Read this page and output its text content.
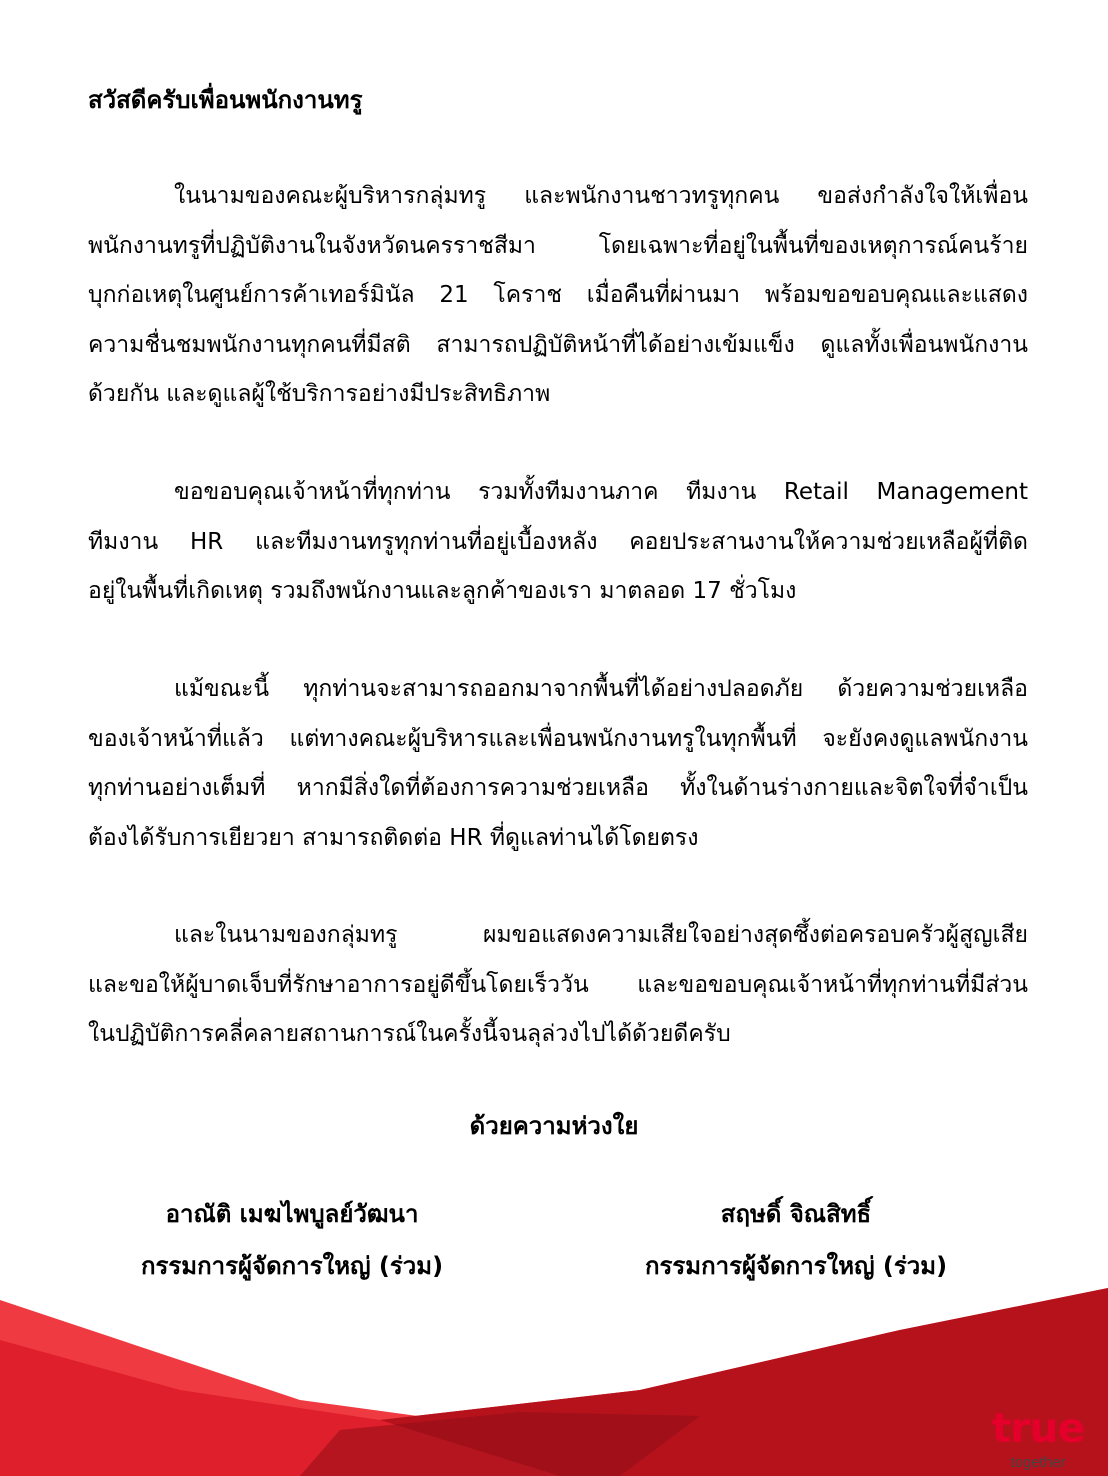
สวัสดีครับเพื่อนพนักงานทรู
ในนามของคณะผู้บริหารกลุ่มทรู และพนักงานชาวทรูทุกคน ขอส่งกำลังใจให้เพื่อน
พนักงานทรูที่ปฏิบัติงานในจังหวัดนครราชสีมา โดยเฉพาะที่อยู่ในพื้นที่ของเหตุการณ์คนร้าย
บุกก่อเหตุในศูนย์การค้าเทอร์มินัล 21 โคราช เมื่อคืนที่ผ่านมา พร้อมขอขอบคุณและแสดง
ความชื่นชมพนักงานทุกคนที่มีสติ สามารถปฏิบัติหน้าที่ได้อย่างเข้มแข็ง ดูแลทั้งเพื่อนพนักงาน
ด้วยกัน และดูแลผู้ใช้บริการอย่างมีประสิทธิภาพ
ขอขอบคุณเจ้าหน้าที่ทุกท่าน รวมทั้งทีมงานภาค ทีมงาน Retail Management
ทีมงาน HR และทีมงานทรูทุกท่านที่อยู่เบื้องหลัง คอยประสานงานให้ความช่วยเหลือผู้ที่ติด
อยู่ในพื้นที่เกิดเหตุ รวมถึงพนักงานและลูกค้าของเรา มาตลอด 17 ชั่วโมง
แม้ขณะนี้ ทุกท่านจะสามารถออกมาจากพื้นที่ได้อย่างปลอดภัย ด้วยความช่วยเหลือ
ของเจ้าหน้าที่แล้ว แต่ทางคณะผู้บริหารและเพื่อนพนักงานทรูในทุกพื้นที่ จะยังคงดูแลพนักงาน
ทุกท่านอย่างเต็มที่ หากมีสิ่งใดที่ต้องการความช่วยเหลือ ทั้งในด้านร่างกายและจิตใจที่จำเป็น
ต้องได้รับการเยียวยา สามารถติดต่อ HR ที่ดูแลท่านได้โดยตรง
และในนามของกลุ่มทรู ผมขอแสดงความเสียใจอย่างสุดซึ้งต่อครอบครัวผู้สูญเสีย
และขอให้ผู้บาดเจ็บที่รักษาอาการอยู่ดีขึ้นโดยเร็ววัน และขอขอบคุณเจ้าหน้าที่ทุกท่านที่มีส่วน
ในปฏิบัติการคลี่คลายสถานการณ์ในครั้งนี้จนลุล่วงไปได้ด้วยดีครับ
ด้วยความห่วงใย
อาณัติ เมฆไพบูลย์วัฒนา
กรรมการผู้จัดการใหญ่ (ร่วม)
สฤษดิ์ จิณสิทธิ์
กรรมการผู้จัดการใหญ่ (ร่วม)
true
together
